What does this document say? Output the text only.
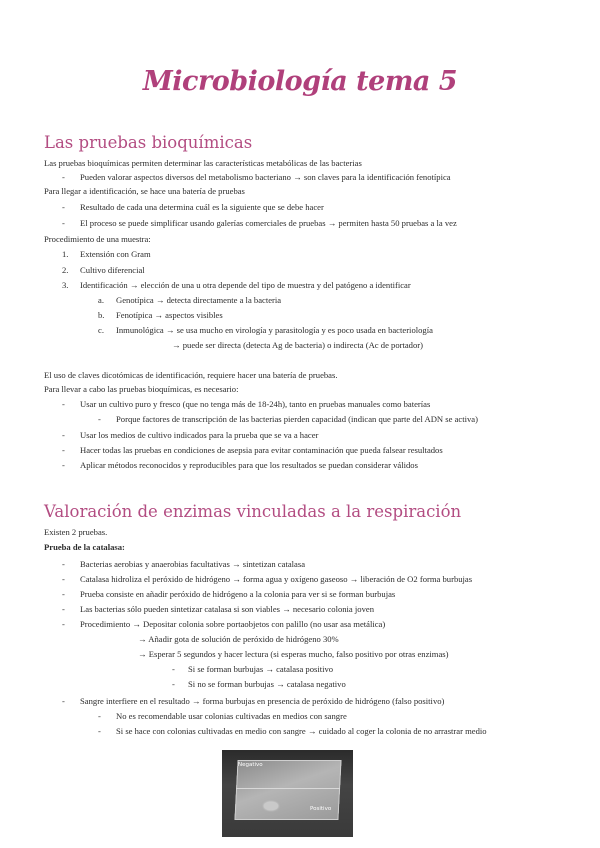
Microbiología tema 5
Las pruebas bioquímicas
Las pruebas bioquímicas permiten determinar las características metabólicas de las bacterias
- Pueden valorar aspectos diversos del metabolismo bacteriano → son claves para la identificación fenotípica
Para llegar a identificación, se hace una batería de pruebas
- Resultado de cada una determina cuál es la siguiente que se debe hacer
- El proceso se puede simplificar usando galerías comerciales de pruebas → permiten hasta 50 pruebas a la vez
Procedimiento de una muestra:
1. Extensión con Gram
2. Cultivo diferencial
3. Identificación → elección de una u otra depende del tipo de muestra y del patógeno a identificar
a. Genotípica → detecta directamente a la bacteria
b. Fenotípica → aspectos visibles
c. Inmunológica → se usa mucho en virología y parasitología y es poco usada en bacteriología
→ puede ser directa (detecta Ag de bacteria) o indirecta (Ac de portador)
El uso de claves dicotómicas de identificación, requiere hacer una batería de pruebas.
Para llevar a cabo las pruebas bioquímicas, es necesario:
- Usar un cultivo puro y fresco (que no tenga más de 18-24h), tanto en pruebas manuales como baterías
- Porque factores de transcripción de las bacterias pierden capacidad (indican que parte del ADN se activa)
- Usar los medios de cultivo indicados para la prueba que se va a hacer
- Hacer todas las pruebas en condiciones de asepsia para evitar contaminación que pueda falsear resultados
- Aplicar métodos reconocidos y reproducibles para que los resultados se puedan considerar válidos
Valoración de enzimas vinculadas a la respiración
Existen 2 pruebas.
Prueba de la catalasa:
- Bacterias aerobias y anaerobias facultativas → sintetizan catalasa
- Catalasa hidroliza el peróxido de hidrógeno → forma agua y oxígeno gaseoso → liberación de O2 forma burbujas
- Prueba consiste en añadir peróxido de hidrógeno a la colonia para ver si se forman burbujas
- Las bacterias sólo pueden sintetizar catalasa si son viables → necesario colonia joven
- Procedimiento → Depositar colonia sobre portaobjetos con palillo (no usar asa metálica)
→ Añadir gota de solución de peróxido de hidrógeno 30%
→ Esperar 5 segundos y hacer lectura (si esperas mucho, falso positivo por otras enzimas)
- Si se forman burbujas → catalasa positivo
- Si no se forman burbujas → catalasa negativo
- Sangre interfiere en el resultado → forma burbujas en presencia de peróxido de hidrógeno (falso positivo)
- No es recomendable usar colonias cultivadas en medios con sangre
- Si se hace con colonias cultivadas en medio con sangre → cuidado al coger la colonia de no arrastrar medio
Negativo
Positivo
